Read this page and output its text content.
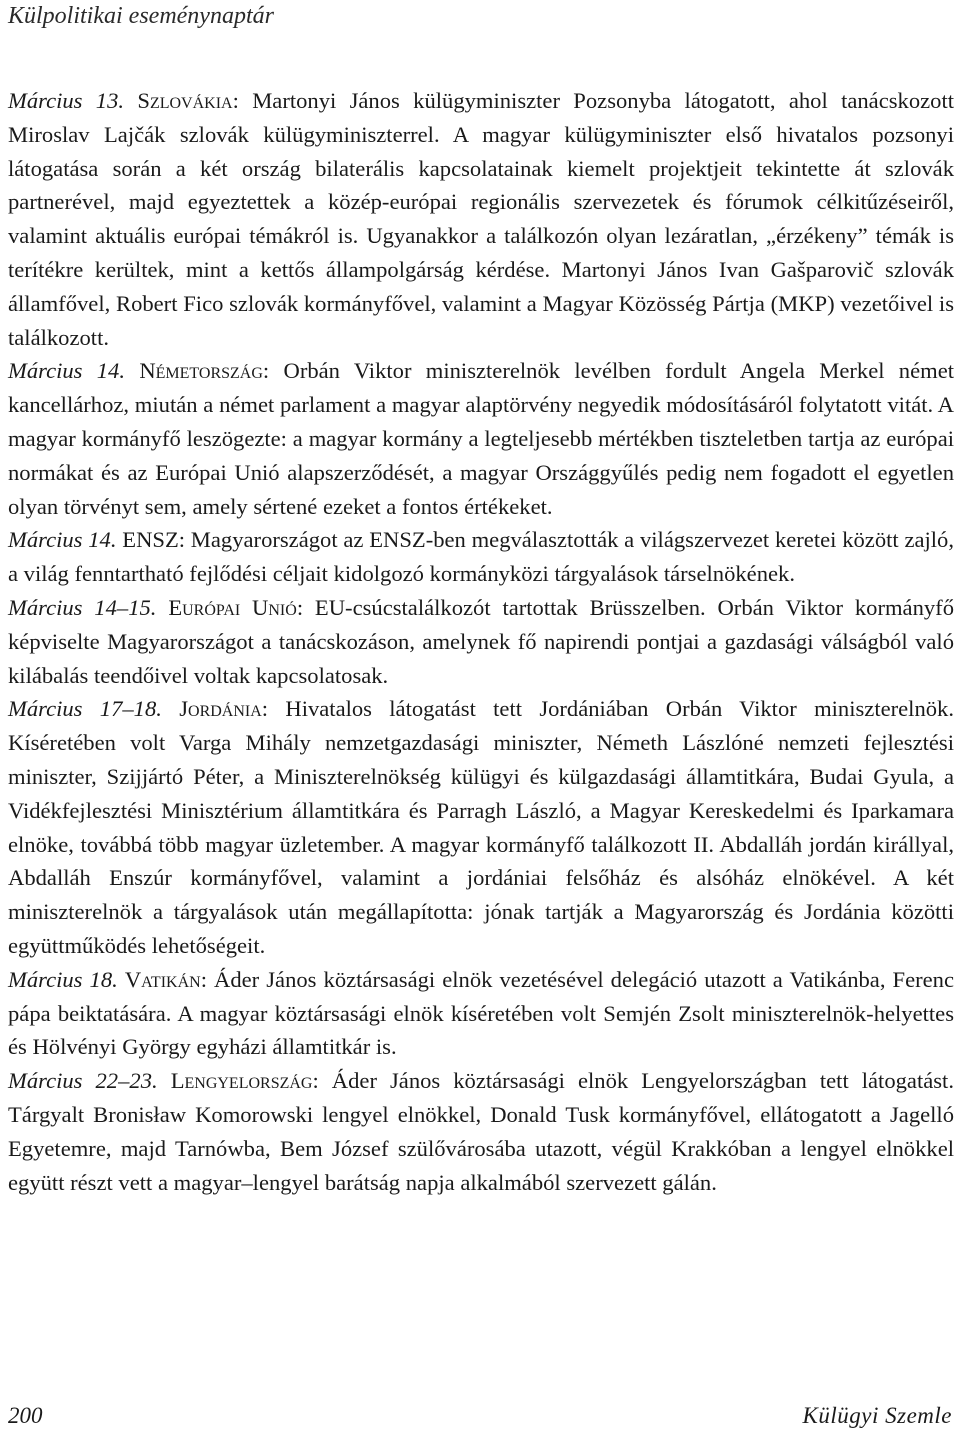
Külpolitikai eseménynaptár

Március 13. Szlovákia: Martonyi János külügyminiszter Pozsonyba látogatott, ahol tanácskozott Miroslav Lajčák szlovák külügyminiszterrel. A magyar külügyminiszter első hivatalos pozsonyi látogatása során a két ország bilaterális kapcsolatainak kiemelt projektjeit tekintette át szlovák partnerével, majd egyeztettek a közép-európai regionális szervezetek és fórumok célkitűzéseiről, valamint aktuális európai témákról is. Ugyanakkor a találkozón olyan lezáratlan, „érzékeny” témák is terítékre kerültek, mint a kettős állampolgárság kérdése. Martonyi János Ivan Gašparovič szlovák államfővel, Robert Fico szlovák kormányfővel, valamint a Magyar Közösség Pártja (MKP) vezetőivel is találkozott.

Március 14. Németország: Orbán Viktor miniszterelnök levélben fordult Angela Merkel német kancellárhoz, miután a német parlament a magyar alaptörvény negyedik módosításáról folytatott vitát. A magyar kormányfő leszögezte: a magyar kormány a legteljesebb mértékben tiszteletben tartja az európai normákat és az Európai Unió alapszerződését, a magyar Országgyűlés pedig nem fogadott el egyetlen olyan törvényt sem, amely sértené ezeket a fontos értékeket.

Március 14. ENSZ: Magyarországot az ENSZ-ben megválasztották a világszervezet keretei között zajló, a világ fenntartható fejlődési céljait kidolgozó kormányközi tárgyalások társelnökének.

Március 14–15. Európai Unió: EU-csúcstalálkozót tartottak Brüsszelben. Orbán Viktor kormányfő képviselte Magyarországot a tanácskozáson, amelynek fő napirendi pontjai a gazdasági válságból való kilábalás teendőivel voltak kapcsolatosak.

Március 17–18. Jordánia: Hivatalos látogatást tett Jordániában Orbán Viktor miniszterelnök. Kíséretében volt Varga Mihály nemzetgazdasági miniszter, Németh Lászlóné nemzeti fejlesztési miniszter, Szijjártó Péter, a Miniszterelnökség külügyi és külgazdasági államtitkára, Budai Gyula, a Vidékfejlesztési Minisztérium államtitkára és Parragh László, a Magyar Kereskedelmi és Iparkamara elnöke, továbbá több magyar üzletember. A magyar kormányfő találkozott II. Abdalláh jordán királlyal, Abdalláh Enszúr kormányfővel, valamint a jordániai felsőház és alsóház elnökével. A két miniszterelnök a tárgyalások után megállapította: jónak tartják a Magyarország és Jordánia közötti együttműködés lehetőségeit.

Március 18. Vatikán: Áder János köztársasági elnök vezetésével delegáció utazott a Vatikánba, Ferenc pápa beiktatására. A magyar köztársasági elnök kíséretében volt Semjén Zsolt miniszterelnök-helyettes és Hölvényi György egyházi államtitkár is.

Március 22–23. Lengyelország: Áder János köztársasági elnök Lengyelországban tett látogatást. Tárgyalt Bronisław Komorowski lengyel elnökkel, Donald Tusk kormányfővel, ellátogatott a Jagelló Egyetemre, majd Tarnówba, Bem József szülővárosába utazott, végül Krakkóban a lengyel elnökkel együtt részt vett a magyar–lengyel barátság napja alkalmából szervezett gálán.

200	Külügyi Szemle
